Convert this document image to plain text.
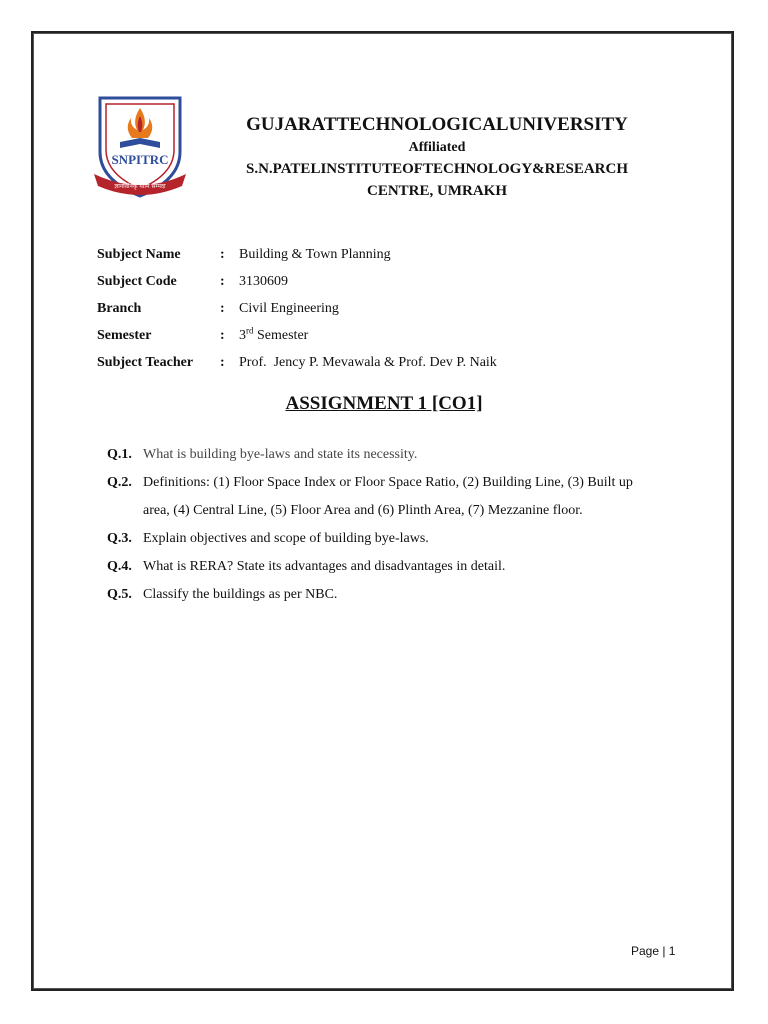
SNPITRC
ज्ञानविनिकृ यामि सम्पदा
GUJARATTECHNOLOGICALUNIVERSITY
Affiliated
S.N.PATELINSTITUTEOFTECHNOLOGY&RESEARCH
CENTRE, UMRAKH
Subject Name	:	Building & Town Planning
Subject Code	:	3130609
Branch	:	Civil Engineering
Semester	:	3rd Semester
Subject Teacher	:	Prof.  Jency P. Mevawala & Prof. Dev P. Naik
ASSIGNMENT 1 [CO1]
Q.1. What is building bye-laws and state its necessity.
Q.2. Definitions: (1) Floor Space Index or Floor Space Ratio, (2) Building Line, (3) Built up
area, (4) Central Line, (5) Floor Area and (6) Plinth Area, (7) Mezzanine floor.
Q.3. Explain objectives and scope of building bye-laws.
Q.4. What is RERA? State its advantages and disadvantages in detail.
Q.5. Classify the buildings as per NBC.
Page | 1
